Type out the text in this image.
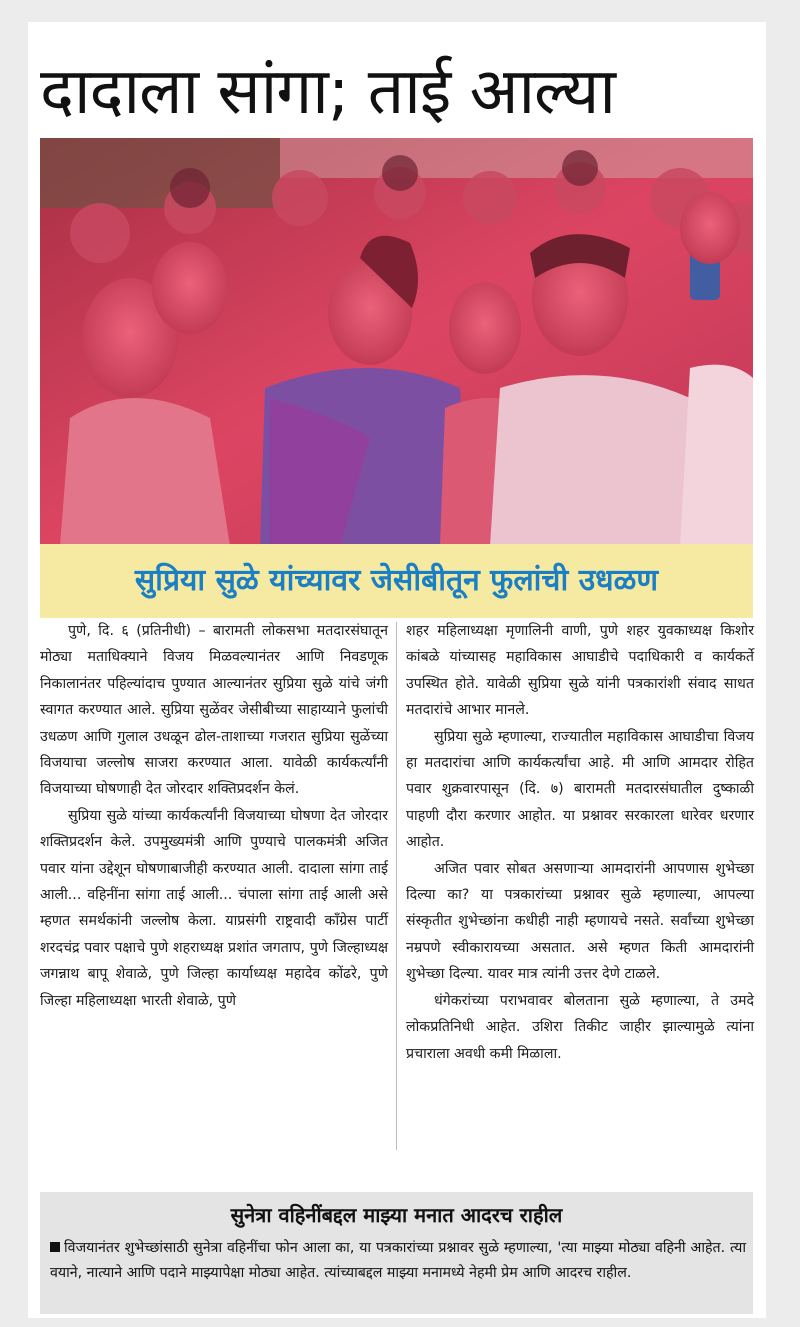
दादाला सांगा; ताई आल्या
सुप्रिया सुळे यांच्यावर जेसीबीतून फुलांची उधळण

पुणे, दि. ६ (प्रतिनीधी) – बारामती लोकसभा मतदारसंघातून मोठ्या मताधिक्याने विजय मिळवल्यानंतर आणि निवडणूक निकालानंतर पहिल्यांदाच पुण्यात आल्यानंतर सुप्रिया सुळे यांचे जंगी स्वागत करण्यात आले. सुप्रिया सुळेंवर जेसीबीच्या साहाय्याने फुलांची उधळण आणि गुलाल उधळून ढोल-ताशाच्या गजरात सुप्रिया सुळेंच्या विजयाचा जल्लोष साजरा करण्यात आला. यावेळी कार्यकर्त्यांनी विजयाच्या घोषणाही देत जोरदार शक्तिप्रदर्शन केलं.

सुप्रिया सुळे यांच्या कार्यकर्त्यांनी विजयाच्या घोषणा देत जोरदार शक्तिप्रदर्शन केले. उपमुख्यमंत्री आणि पुण्याचे पालकमंत्री अजित पवार यांना उद्देशून घोषणाबाजीही करण्यात आली. दादाला सांगा ताई आली... वहिनींना सांगा ताई आली... चंपाला सांगा ताई आली असे म्हणत समर्थकांनी जल्लोष केला. याप्रसंगी राष्ट्रवादी काँग्रेस पार्टी शरदचंद्र पवार पक्षाचे पुणे शहराध्यक्ष प्रशांत जगताप, पुणे जिल्हाध्यक्ष जगन्नाथ बापू शेवाळे, पुणे जिल्हा कार्याध्यक्ष महादेव कोंढरे, पुणे जिल्हा महिलाध्यक्षा भारती शेवाळे, पुणे

शहर महिलाध्यक्षा मृणालिनी वाणी, पुणे शहर युवकाध्यक्ष किशोर कांबळे यांच्यासह महाविकास आघाडीचे पदाधिकारी व कार्यकर्ते उपस्थित होते. यावेळी सुप्रिया सुळे यांनी पत्रकारांशी संवाद साधत मतदारांचे आभार मानले.

सुप्रिया सुळे म्हणाल्या, राज्यातील महाविकास आघाडीचा विजय हा मतदारांचा आणि कार्यकर्त्यांचा आहे. मी आणि आमदार रोहित पवार शुक्रवारपासून (दि. ७) बारामती मतदारसंघातील दुष्काळी पाहणी दौरा करणार आहोत. या प्रश्नावर सरकारला धारेवर धरणार आहोत.

अजित पवार सोबत असणाऱ्या आमदारांनी आपणास शुभेच्छा दिल्या का? या पत्रकारांच्या प्रश्नावर सुळे म्हणाल्या, आपल्या संस्कृतीत शुभेच्छांना कधीही नाही म्हणायचे नसते. सर्वांच्या शुभेच्छा नम्रपणे स्वीकारायच्या असतात. असे म्हणत किती आमदारांनी शुभेच्छा दिल्या. यावर मात्र त्यांनी उत्तर देणे टाळले.

धंगेकरांच्या पराभवावर बोलताना सुळे म्हणाल्या, ते उमदे लोकप्रतिनिधी आहेत. उशिरा तिकीट जाहीर झाल्यामुळे त्यांना प्रचाराला अवधी कमी मिळाला.

सुनेत्रा वहिनींबद्दल माझ्या मनात आदरच राहील
विजयानंतर शुभेच्छांसाठी सुनेत्रा वहिनींचा फोन आला का, या पत्रकारांच्या प्रश्नावर सुळे म्हणाल्या, 'त्या माझ्या मोठ्या वहिनी आहेत. त्या वयाने, नात्याने आणि पदाने माझ्यापेक्षा मोठ्या आहेत. त्यांच्याबद्दल माझ्या मनामध्ये नेहमी प्रेम आणि आदरच राहील.
